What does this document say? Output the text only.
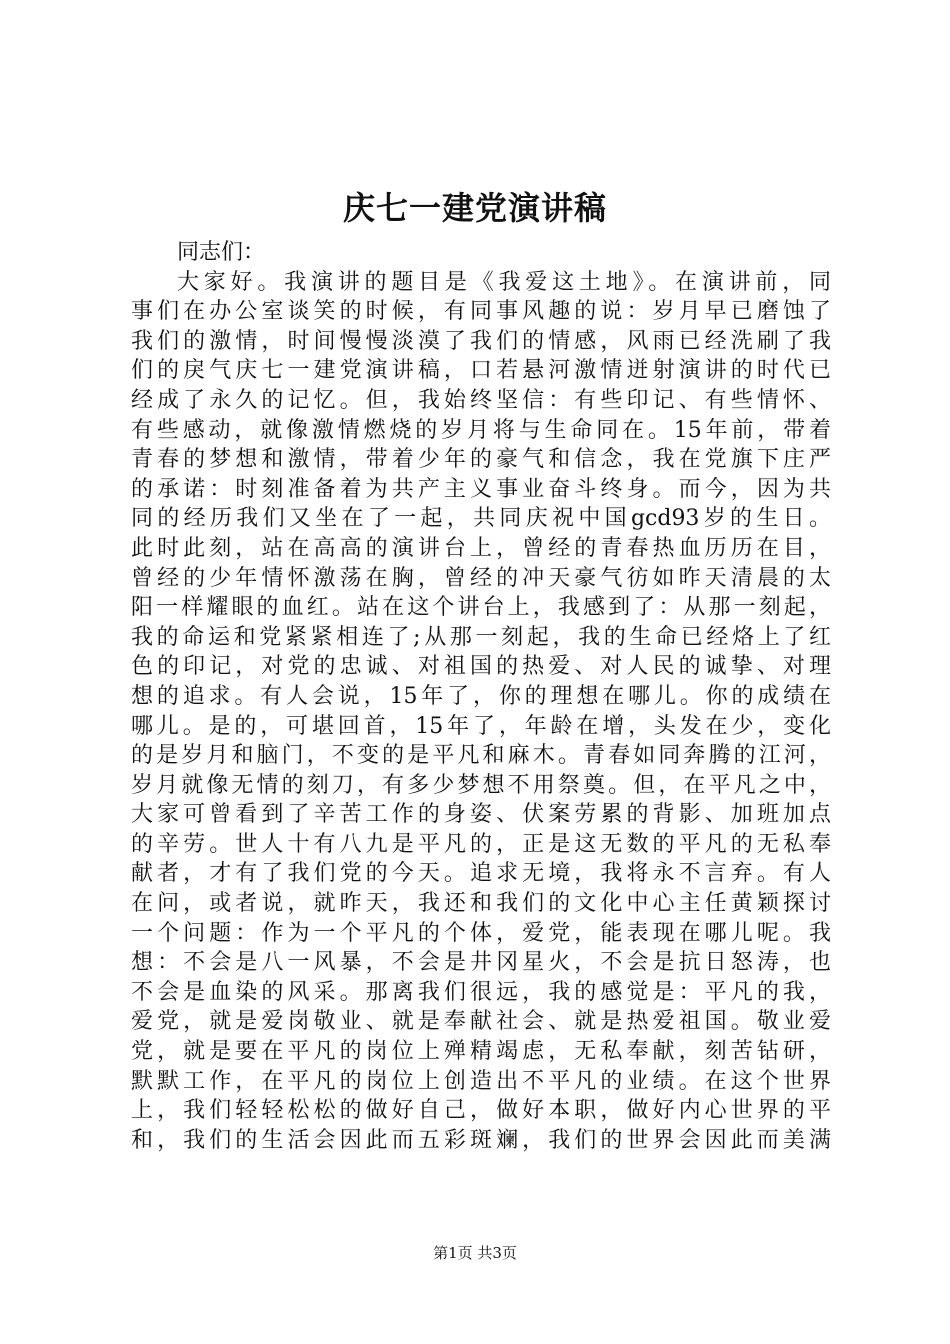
庆七一建党演讲稿
同志们：
大家好。我演讲的题目是《我爱这土地》。在演讲前，同
事们在办公室谈笑的时候，有同事风趣的说：岁月早已磨蚀了
我们的激情，时间慢慢淡漠了我们的情感，风雨已经洗刷了我
们的戾气庆七一建党演讲稿，口若悬河激情迸射演讲的时代已
经成了永久的记忆。但，我始终坚信：有些印记、有些情怀、
有些感动，就像激情燃烧的岁月将与生命同在。15年前，带着
青春的梦想和激情，带着少年的豪气和信念，我在党旗下庄严
的承诺：时刻准备着为共产主义事业奋斗终身。而今，因为共
同的经历我们又坐在了一起，共同庆祝中国gcd93岁的生日。
此时此刻，站在高高的演讲台上，曾经的青春热血历历在目，
曾经的少年情怀激荡在胸，曾经的冲天豪气彷如昨天清晨的太
阳一样耀眼的血红。站在这个讲台上，我感到了：从那一刻起，
我的命运和党紧紧相连了;从那一刻起，我的生命已经烙上了红
色的印记，对党的忠诚、对祖国的热爱、对人民的诚挚、对理
想的追求。有人会说，15年了，你的理想在哪儿。你的成绩在
哪儿。是的，可堪回首，15年了，年龄在增，头发在少，变化
的是岁月和脑门，不变的是平凡和麻木。青春如同奔腾的江河，
岁月就像无情的刻刀，有多少梦想不用祭奠。但，在平凡之中，
大家可曾看到了辛苦工作的身姿、伏案劳累的背影、加班加点
的辛劳。世人十有八九是平凡的，正是这无数的平凡的无私奉
献者，才有了我们党的今天。追求无境，我将永不言弃。有人
在问，或者说，就昨天，我还和我们的文化中心主任黄颖探讨
一个问题：作为一个平凡的个体，爱党，能表现在哪儿呢。我
想：不会是八一风暴，不会是井冈星火，不会是抗日怒涛，也
不会是血染的风采。那离我们很远，我的感觉是：平凡的我，
爱党，就是爱岗敬业、就是奉献社会、就是热爱祖国。敬业爱
党，就是要在平凡的岗位上殚精竭虑，无私奉献，刻苦钻研，
默默工作，在平凡的岗位上创造出不平凡的业绩。在这个世界
上，我们轻轻松松的做好自己，做好本职，做好内心世界的平
和，我们的生活会因此而五彩斑斓，我们的世界会因此而美满
第1页 共3页
